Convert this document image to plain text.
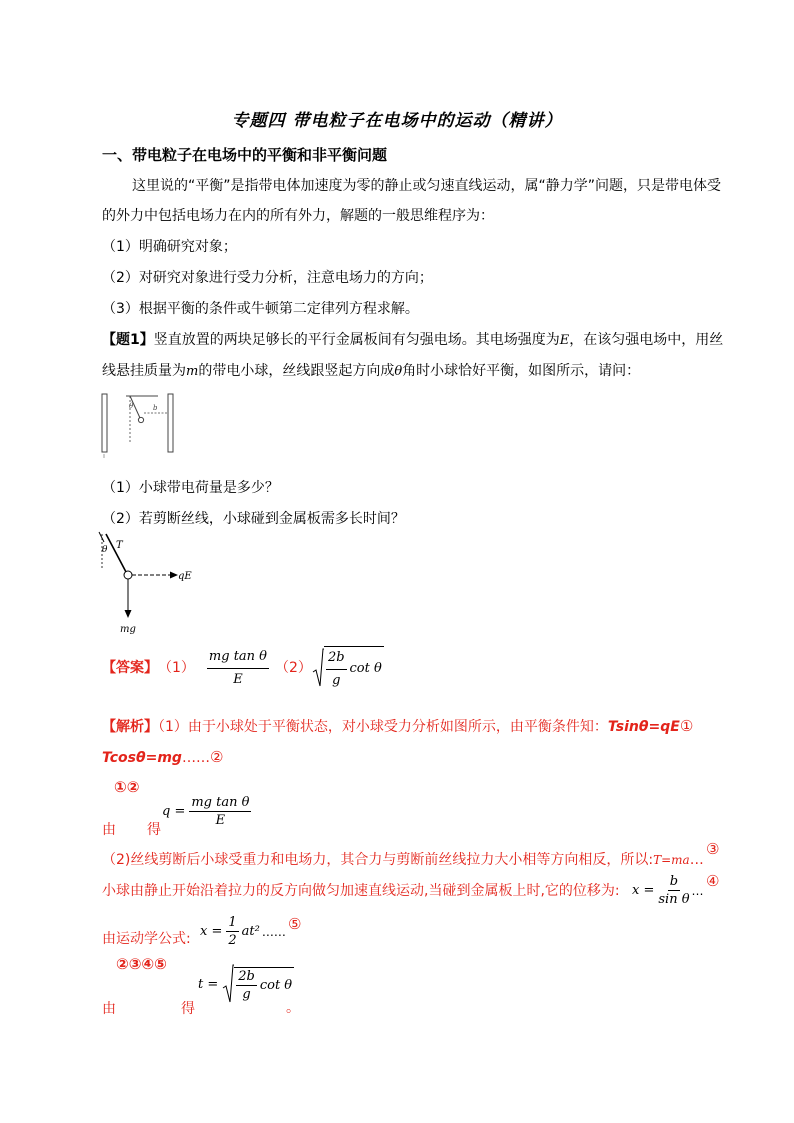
专题四 带电粒子在电场中的运动（精讲）
一、带电粒子在电场中的平衡和非平衡问题
这里说的“平衡”是指带电体加速度为零的静止或匀速直线运动，属“静力学”问题，只是带电体受
的外力中包括电场力在内的所有外力，解题的一般思维程序为：
（1）明确研究对象；
（2）对研究对象进行受力分析，注意电场力的方向；
（3）根据平衡的条件或牛顿第二定律列方程求解。
【题1】竖直放置的两块足够长的平行金属板间有匀强电场。其电场强度为E，在该匀强电场中，用丝
线悬挂质量为m的带电小球，丝线跟竖起方向成θ角时小球恰好平衡，如图所示，请问：
θ	b
（1）小球带电荷量是多少？
（2）若剪断丝线，小球碰到金属板需多长时间？
θ T
qE
mg
【答案】 $(1) \frac{\text{mg tan θ}}{E} (2) \frac{2b}{g}$ cot θ
【解析】（1）由于小球处于平衡状态，对小球受力分析如图所示，由平衡条件知：Tsinθ=qE①
Tcosθ=mg……②
①②
由 得
$q = \frac{\text{mg tan θ}}{E}$
（2)丝线剪断后小球受重力和电场力，其合力与剪断前丝线拉力大小相等方向相反，所以:T=ma…
③
小球由静止开始沿着拉力的反方向做匀加速直线运动,当碰到金属板上时,它的位移为: $x = \frac{b}{\text{sin θ}}$ …
④
由运动学公式: $x = \frac{1}{2} at^2$ …… ⑤
②③④⑤
由	得
$t = \frac{2b}{g}$ cot θ
。
